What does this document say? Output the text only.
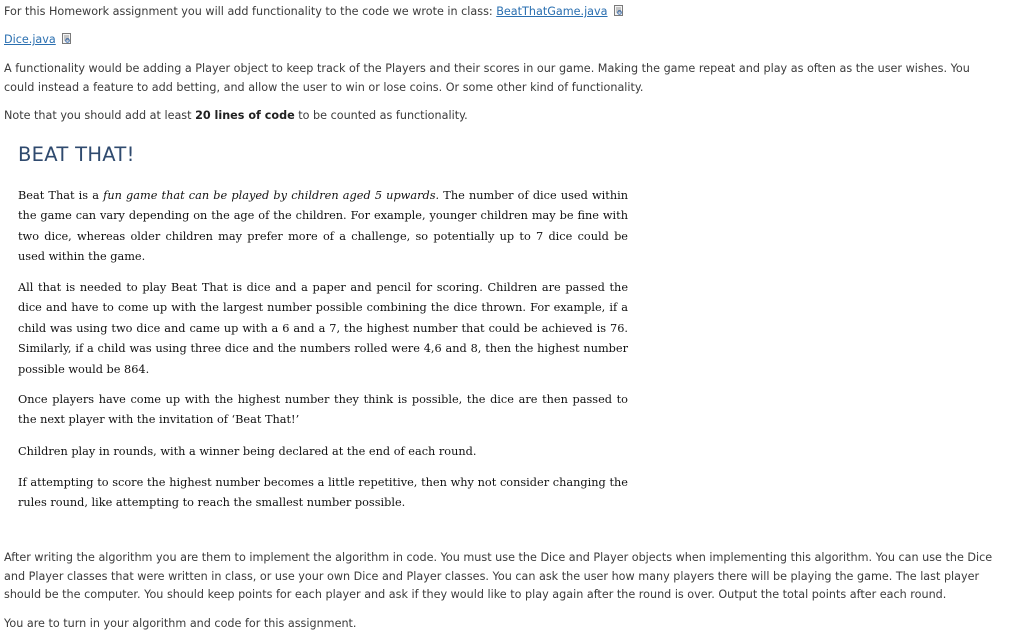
For this Homework assignment you will add functionality to the code we wrote in class: BeatThatGame.java
Dice.java

A functionality would be adding a Player object to keep track of the Players and their scores in our game. Making the game repeat and play as often as the user wishes. You could instead a feature to add betting, and allow the user to win or lose coins. Or some other kind of functionality.

Note that you should add at least 20 lines of code to be counted as functionality.

BEAT THAT!

Beat That is a fun game that can be played by children aged 5 upwards. The number of dice used within the game can vary depending on the age of the children. For example, younger children may be fine with two dice, whereas older children may prefer more of a challenge, so potentially up to 7 dice could be used within the game.

All that is needed to play Beat That is dice and a paper and pencil for scoring. Children are passed the dice and have to come up with the largest number possible combining the dice thrown. For example, if a child was using two dice and came up with a 6 and a 7, the highest number that could be achieved is 76. Similarly, if a child was using three dice and the numbers rolled were 4,6 and 8, then the highest number possible would be 864.

Once players have come up with the highest number they think is possible, the dice are then passed to the next player with the invitation of ‘Beat That!’

Children play in rounds, with a winner being declared at the end of each round.

If attempting to score the highest number becomes a little repetitive, then why not consider changing the rules round, like attempting to reach the smallest number possible.

After writing the algorithm you are them to implement the algorithm in code. You must use the Dice and Player objects when implementing this algorithm. You can use the Dice and Player classes that were written in class, or use your own Dice and Player classes. You can ask the user how many players there will be playing the game. The last player should be the computer. You should keep points for each player and ask if they would like to play again after the round is over. Output the total points after each round.

You are to turn in your algorithm and code for this assignment.
